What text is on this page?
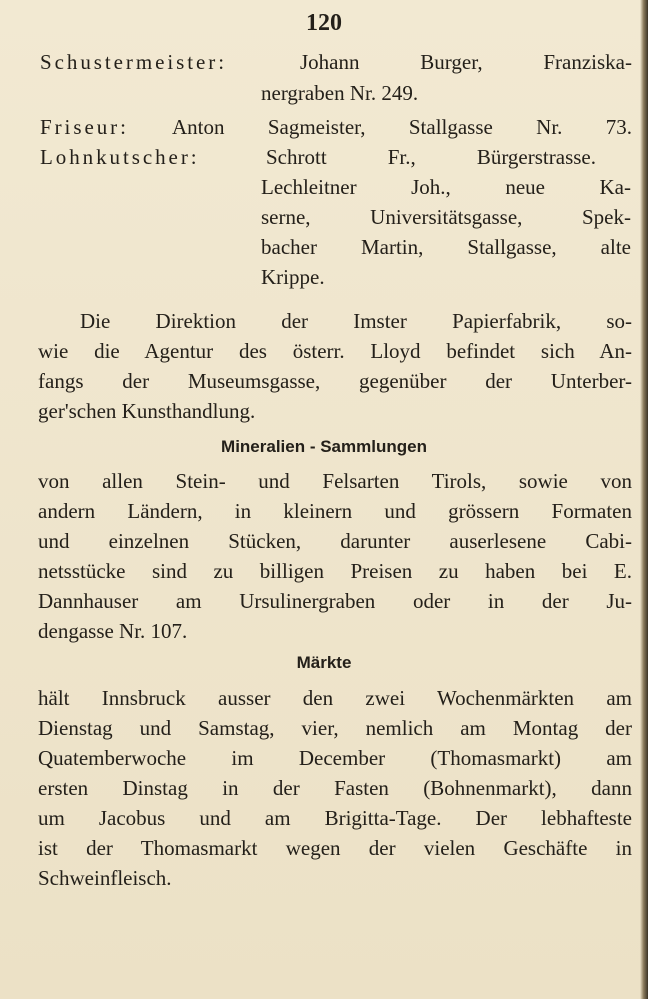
120
Schustermeister:	Johann Burger, Franziska-
nergraben Nr. 249.
Friseur: Anton Sagmeister, Stallgasse Nr. 73.
Lohnkutscher:	Schrott Fr., Bürgerstrasse.
Lechleitner Joh., neue Ka-
serne, Universitätsgasse, Spek-
bacher Martin, Stallgasse, alte
Krippe.
Die Direktion der Imster Papierfabrik, so-
wie die Agentur des österr. Lloyd befindet sich An-
fangs der Museumsgasse, gegenüber der Unterber-
ger'schen Kunsthandlung.
Mineralien - Sammlungen
von allen Stein- und Felsarten Tirols, sowie von
andern Ländern, in kleinern und grössern Formaten
und einzelnen Stücken, darunter auserlesene Cabi-
netsstücke sind zu billigen Preisen zu haben bei E.
Dannhauser am Ursulinergraben oder in der Ju-
dengasse Nr. 107.
Märkte
hält Innsbruck ausser den zwei Wochenmärkten am
Dienstag und Samstag, vier, nemlich am Montag der
Quatemberwoche im December (Thomasmarkt) am
ersten Dinstag in der Fasten (Bohnenmarkt), dann
um Jacobus und am Brigitta-Tage. Der lebhafteste
ist der Thomasmarkt wegen der vielen Geschäfte in
Schweinfleisch.
